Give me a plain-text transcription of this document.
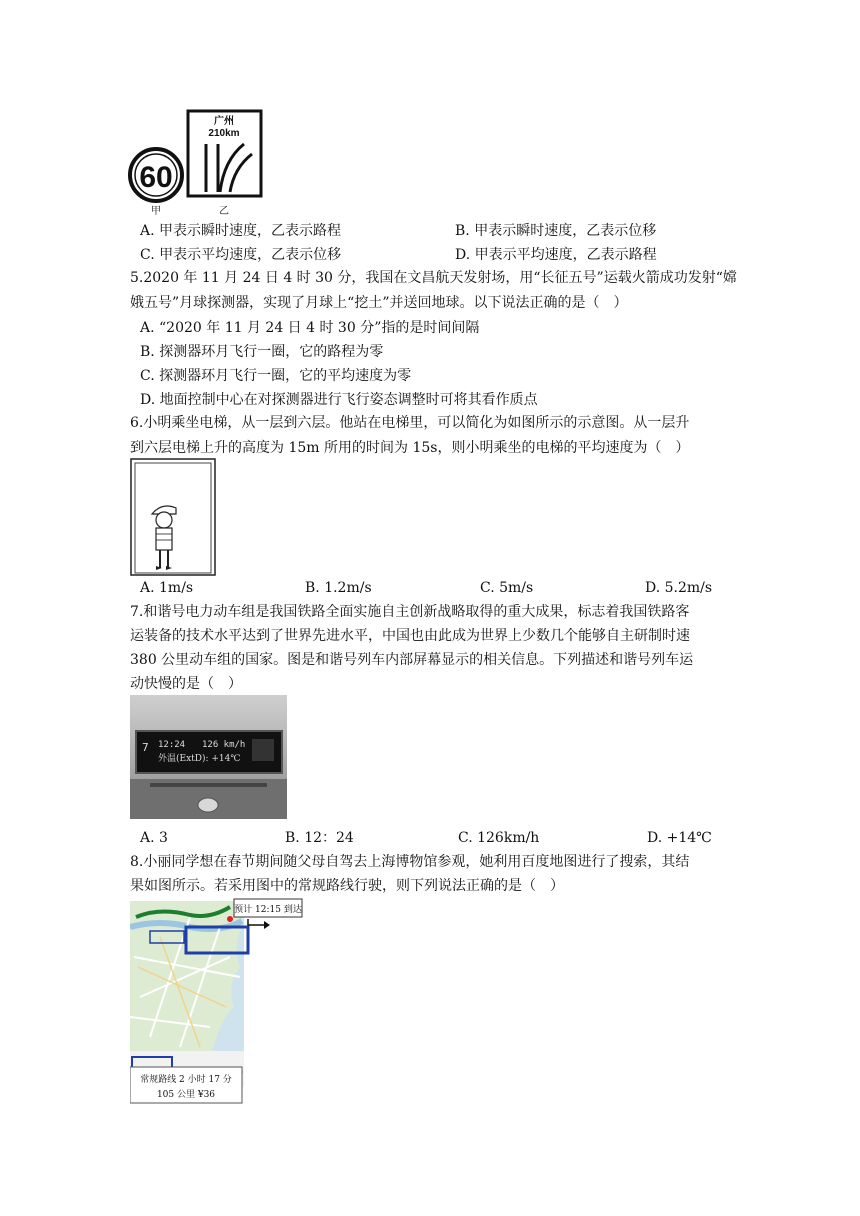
60
广州
210km
甲	乙
A. 甲表示瞬时速度，乙表示路程	B. 甲表示瞬时速度，乙表示位移
C. 甲表示平均速度，乙表示位移	D. 甲表示平均速度，乙表示路程
5.2020 年 11 月 24 日 4 时 30 分，我国在文昌航天发射场，用“长征五号”运载火箭成功发射“嫦
娥五号”月球探测器，实现了月球上“挖土”并送回地球。以下说法正确的是（　）
A. “2020 年 11 月 24 日 4 时 30 分”指的是时间间隔
B. 探测器环月飞行一圈，它的路程为零
C. 探测器环月飞行一圈，它的平均速度为零
D. 地面控制中心在对探测器进行飞行姿态调整时可将其看作质点
6.小明乘坐电梯，从一层到六层。他站在电梯里，可以简化为如图所示的示意图。从一层升
到六层电梯上升的高度为 15m 所用的时间为 15s，则小明乘坐的电梯的平均速度为（　）
A. 1m/s	B. 1.2m/s	C. 5m/s	D. 5.2m/s
7.和谐号电力动车组是我国铁路全面实施自主创新战略取得的重大成果，标志着我国铁路客
运装备的技术水平达到了世界先进水平，中国也由此成为世界上少数几个能够自主研制时速
380 公里动车组的国家。图是和谐号列车内部屏幕显示的相关信息。下列描述和谐号列车运
动快慢的是（　）
7 12:24 126 km/h
外温(ExtD): +14℃
A. 3	B. 12：24	C. 126km/h	D. +14℃
8.小丽同学想在春节期间随父母自驾去上海博物馆参观，她利用百度地图进行了搜索，其结
果如图所示。若采用图中的常规路线行驶，则下列说法正确的是（　）
预计 12:15 到达
常规路线 2 小时 17 分
105 公里 ¥36
